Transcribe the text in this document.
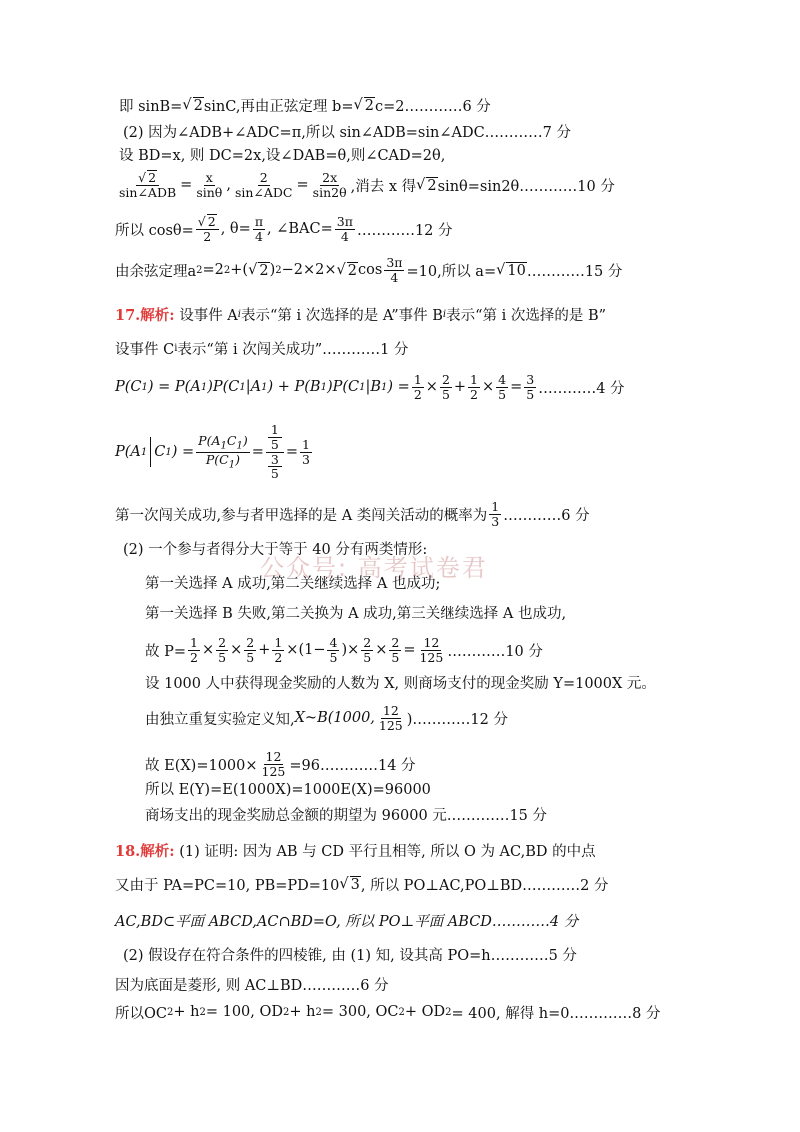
公众号: 高考试卷君
即 sinB= √ 2 sinC,再由正弦定理 b= √ 2 c=2…………6 分
(2) 因为∠ADB+∠ADC=π,所以 sin∠ADB=sin∠ADC…………7 分
设 BD=x, 则 DC=2x,设∠DAB=θ,则∠CAD=2θ,
$\frac{√ 2}{\text{sin∠ADB}} = \frac{x}{\sin\theta}$ , $\frac{2}{\text{sin∠ADC}} = \frac{2x}{\sin 2\theta}$ ,消去 x 得 √ 2 sinθ=sin2θ…………10 分
所以 $\cos\theta= \frac{√ 2}{2}$ , $\theta= \frac{\pi}{4}$ , ∠BAC= $\frac{3\pi}{4}$ …………12 分
由余弦定理a 2 =2 2 +( √ 2 ) 2 −2×2× √ 2 $\cos \frac{3\pi}{4} =10$,所以 a= √ 10 …………15 分
17.解析:
设事件 A i 表示“第 i 次选择的是 A”事件 B i 表示“第 i 次选择的是 B”
设事件 C i 表示“第 i 次闯关成功”…………1 分
P(C 1 ) = P(A 1 )P(C 1 |A 1 ) + P(B 1 )P(C 1 |B 1 ) = $\frac{1}{2} \times \frac{2}{5} + \frac{1}{2} \times \frac{4}{5} = \frac{3}{5}$ …………4 分
P(A 1 C 1 ) = $\frac{P(A_1C_1)}{P(C_1)} = 1$
5
3
$5 = \frac{1}{3}$
第一次闯关成功,参与者甲选择的是 A 类闯关活动的概率为 $\frac{1}{3}$ …………6 分
(2) 一个参与者得分大于等于 40 分有两类情形:
第一关选择 A 成功,第二关继续选择 A 也成功;
第一关选择 B 失败,第二关换为 A 成功,第三关继续选择 A 也成功,
故 $P= \frac{1}{2} \times \frac{2}{5} \times \frac{2}{5} + \frac{1}{2} \times(1- \frac{4}{5}$ )× $\frac{2}{5} \times \frac{2}{5} = \frac{12}{125}$ …………10 分
设 1000 人中获得现金奖励的人数为 X, 则商场支付的现金奖励 Y=1000X 元。
由独立重复实验定义知, X~B(1000, $\frac{12}{125}$ )…………12 分
故 $E(X)=1000\times \frac{12}{125}$ =96…………14 分
所以 E(Y)=E(1000X)=1000E(X)=96000
商场支出的现金奖励总金额的期望为 96000 元.…………15 分
18.解析:
(1) 证明: 因为 AB 与 CD 平行且相等, 所以 O 为 AC,BD 的中点
又由于 PA=PC=10, PB=PD=10 √ 3 , 所以 PO⊥AC,PO⊥BD…………2 分
AC,BD⊂平面 ABCD,AC∩BD=O, 所以 PO⊥平面 ABCD…………4 分
(2) 假设存在符合条件的四棱锥, 由 (1) 知, 设其高 PO=h…………5 分
因为底面是菱形, 则 AC⊥BD…………6 分
所以OC 2 + h 2 = 100, OD 2 + h 2 = 300, OC 2 + OD 2 = 400, 解得 h=0.…………8 分
